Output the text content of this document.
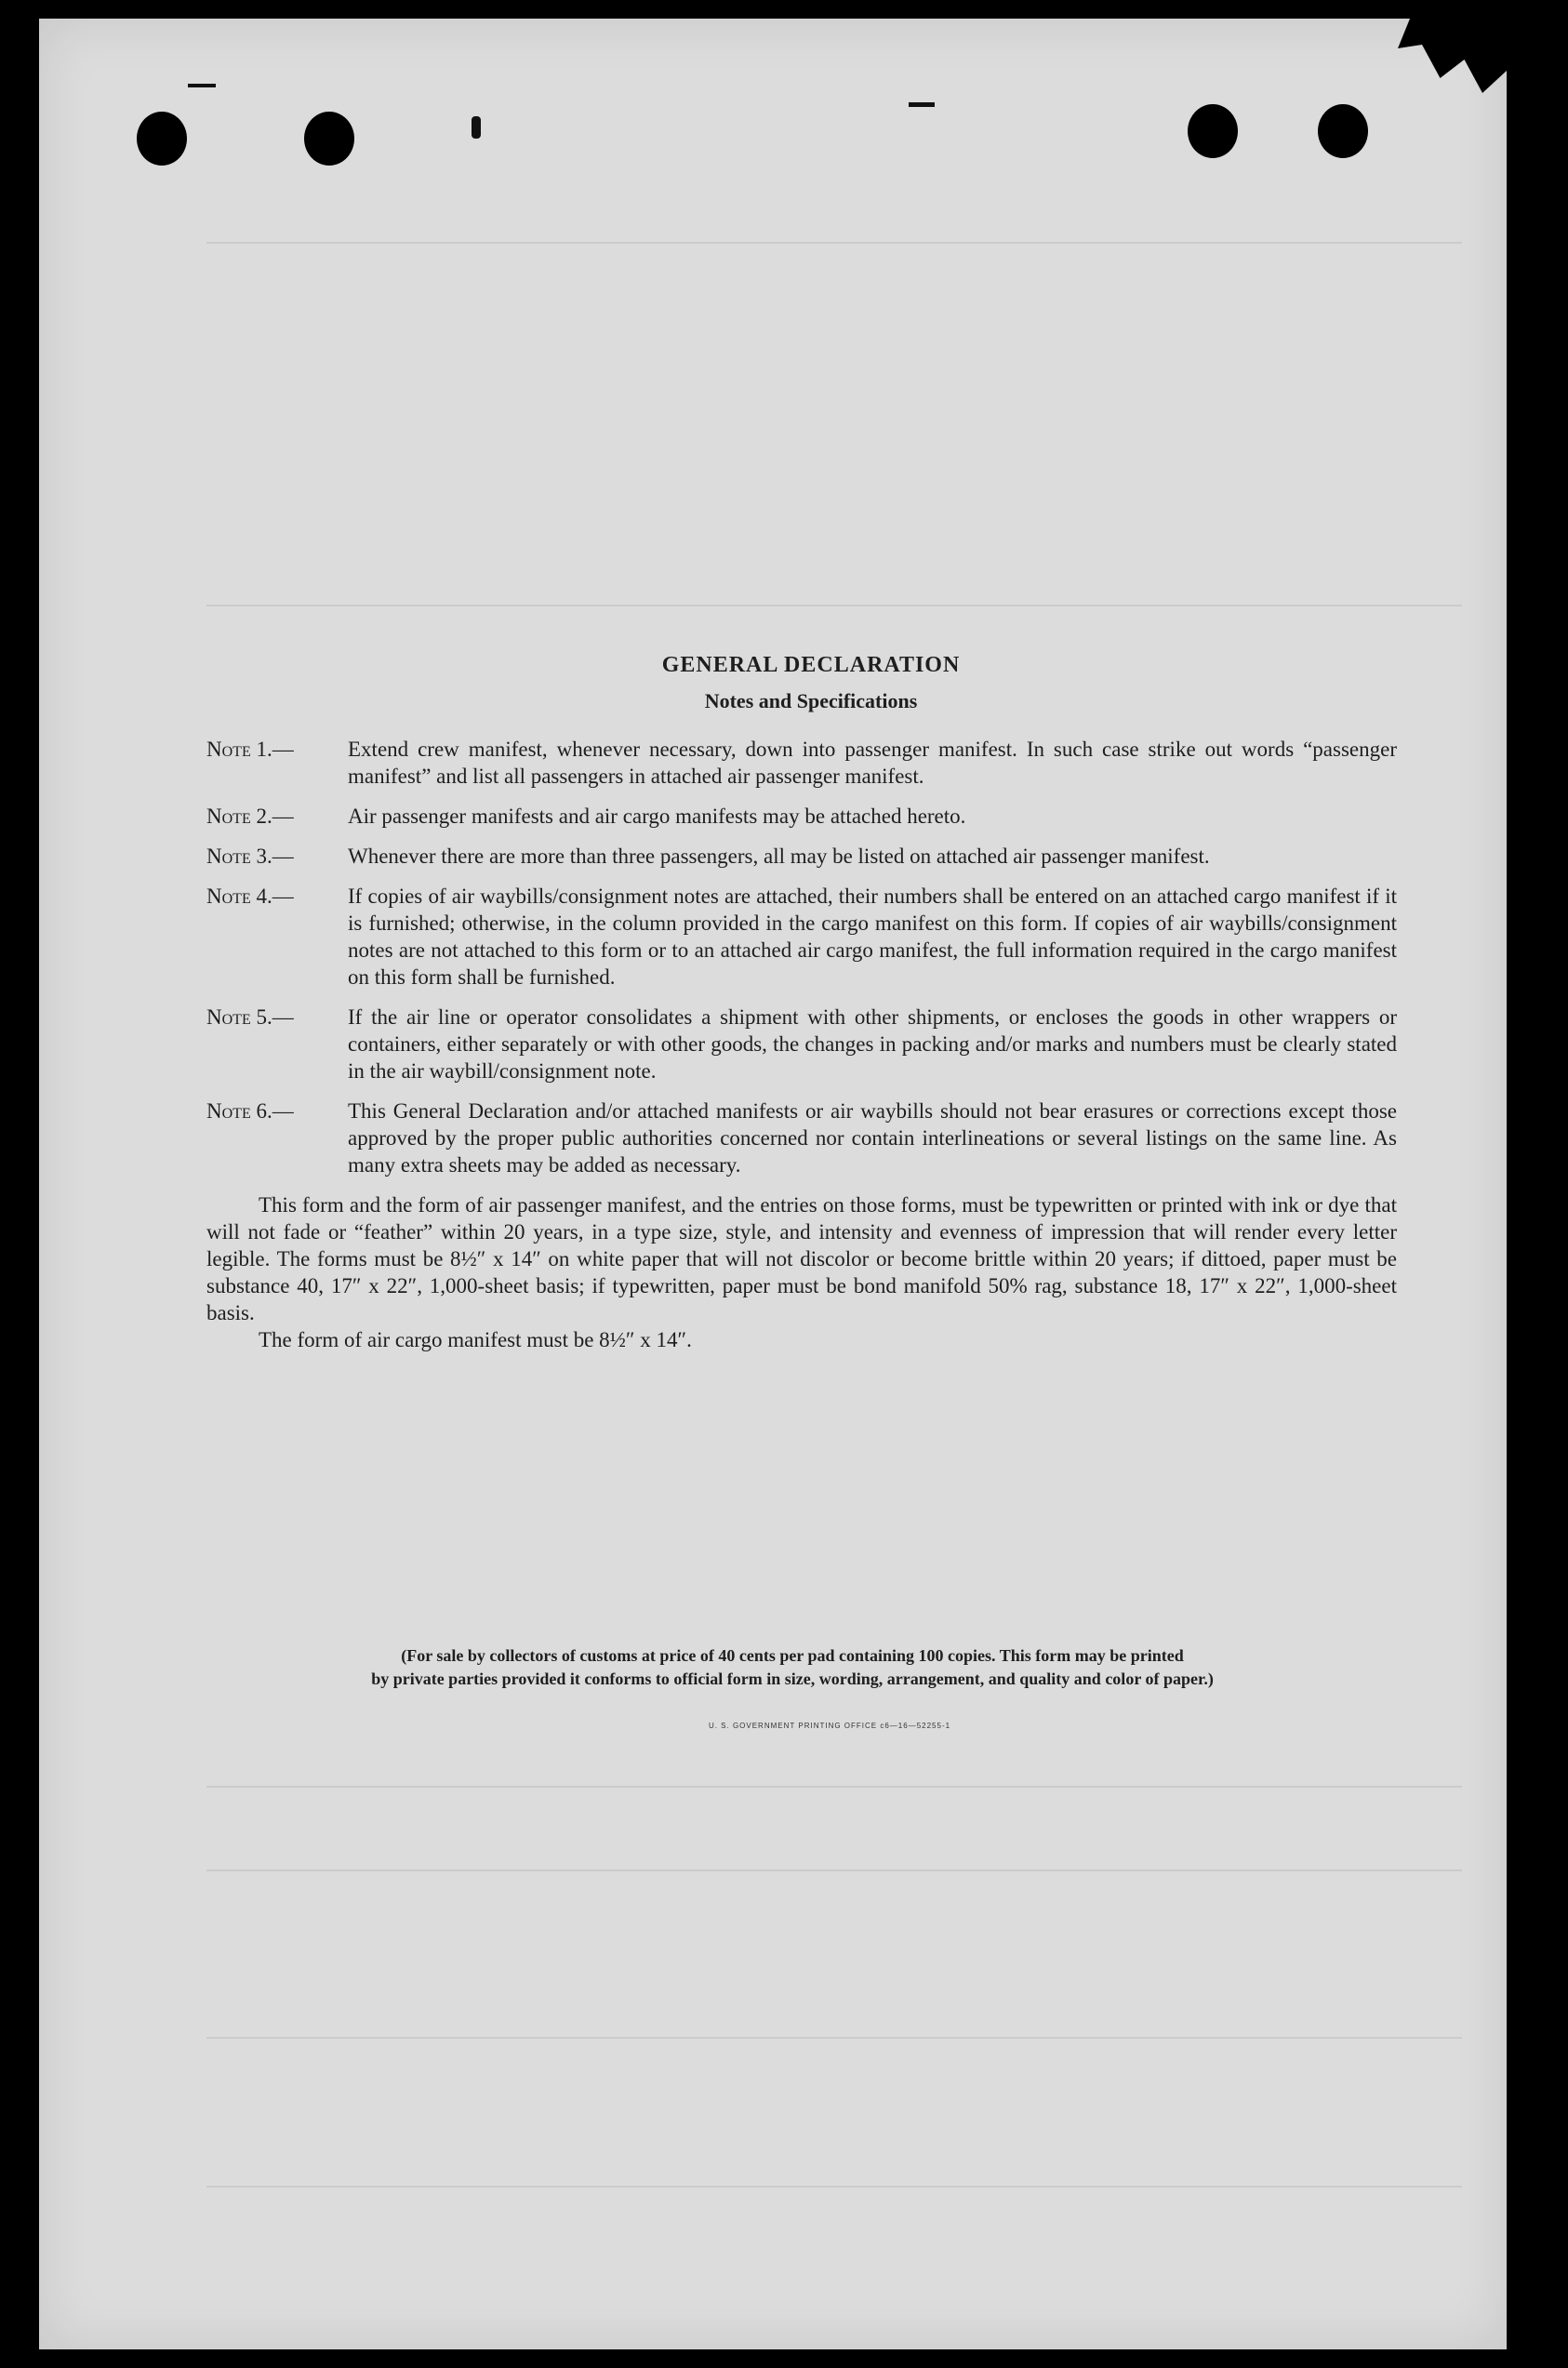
GENERAL DECLARATION
Notes and Specifications
Note 1.—	Extend crew manifest, whenever necessary, down into passenger manifest. In such case strike out words “passenger manifest” and list all passengers in attached air passenger manifest.
Note 2.—	Air passenger manifests and air cargo manifests may be attached hereto.
Note 3.—	Whenever there are more than three passengers, all may be listed on attached air passenger manifest.
Note 4.—	If copies of air waybills/consignment notes are attached, their numbers shall be entered on an attached cargo manifest if it is furnished; otherwise, in the column provided in the cargo manifest on this form. If copies of air waybills/consignment notes are not attached to this form or to an attached air cargo manifest, the full information required in the cargo manifest on this form shall be furnished.
Note 5.—	If the air line or operator consolidates a shipment with other shipments, or encloses the goods in other wrappers or containers, either separately or with other goods, the changes in packing and/or marks and numbers must be clearly stated in the air waybill/consignment note.
Note 6.—	This General Declaration and/or attached manifests or air waybills should not bear erasures or corrections except those approved by the proper public authorities concerned nor contain interlineations or several listings on the same line. As many extra sheets may be added as necessary.

This form and the form of air passenger manifest, and the entries on those forms, must be typewritten or printed with ink or dye that will not fade or “feather” within 20 years, in a type size, style, and intensity and evenness of impression that will render every letter legible. The forms must be 8½″ x 14″ on white paper that will not discolor or become brittle within 20 years; if dittoed, paper must be substance 40, 17″ x 22″, 1,000-sheet basis; if typewritten, paper must be bond manifold 50% rag, substance 18, 17″ x 22″, 1,000-sheet basis.

The form of air cargo manifest must be 8½″ x 14″.

(For sale by collectors of customs at price of 40 cents per pad containing 100 copies. This form may be printed
by private parties provided it conforms to official form in size, wording, arrangement, and quality and color of paper.)
U. S. GOVERNMENT PRINTING OFFICE c6—16—52255-1
